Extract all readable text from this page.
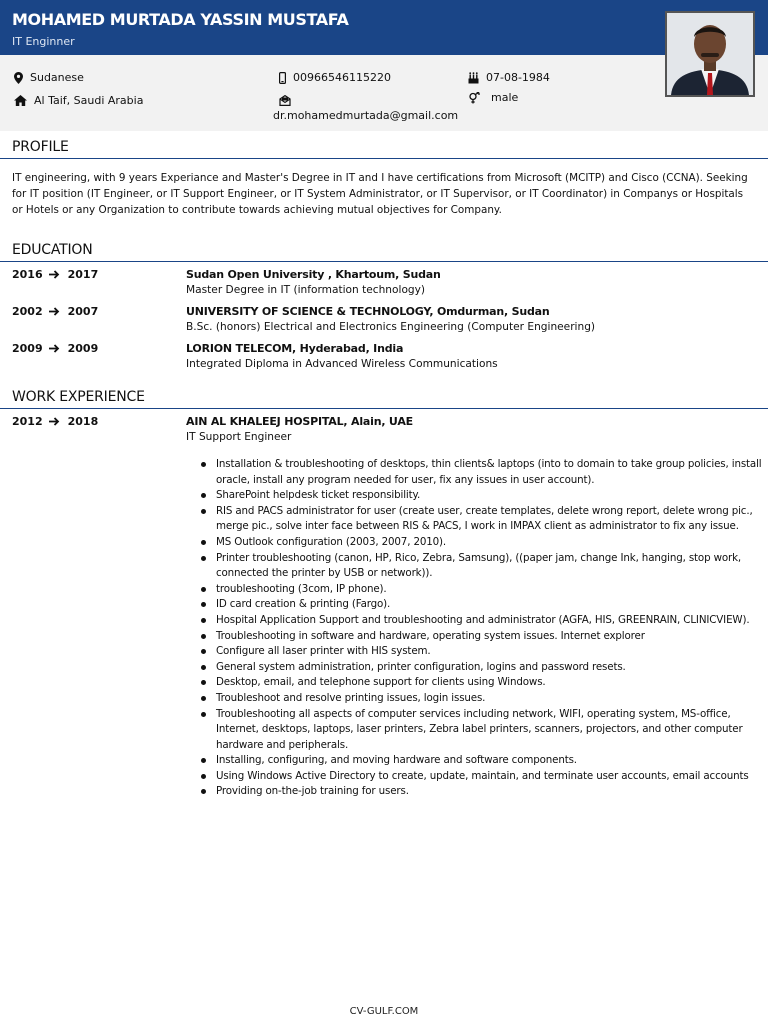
MOHAMED MURTADA YASSIN MUSTAFA
IT Enginner
Sudanese
Al Taif, Saudi Arabia
00966546115220
dr.mohamedmurtada@gmail.com
07-08-1984
male
PROFILE
IT engineering, with 9 years Experiance and Master's Degree in IT and I have certifications from Microsoft (MCITP) and Cisco (CCNA). Seeking for IT position (IT Engineer, or IT Support Engineer, or IT System Administrator, or IT Supervisor, or IT Coordinator) in Companys or Hospitals or Hotels or any Organization to contribute towards achieving mutual objectives for Company.
EDUCATION
2016 2017	Sudan Open University , Khartoum, Sudan
Master Degree in IT (information technology)
2002 2007	UNIVERSITY OF SCIENCE & TECHNOLOGY, Omdurman, Sudan
B.Sc. (honors) Electrical and Electronics Engineering (Computer Engineering)
2009 2009	LORION TELECOM, Hyderabad, India
Integrated Diploma in Advanced Wireless Communications
WORK EXPERIENCE
2012 2018	AIN AL KHALEEJ HOSPITAL, Alain, UAE
IT Support Engineer
Installation & troubleshooting of desktops, thin clients& laptops (into to domain to take group policies, install oracle, install any program needed for user, fix any issues in user account).
SharePoint helpdesk ticket responsibility.
RIS and PACS administrator for user (create user, create templates, delete wrong report, delete wrong pic., merge pic., solve inter face between RIS & PACS, I work in IMPAX client as administrator to fix any issue.
MS Outlook configuration (2003, 2007, 2010).
Printer troubleshooting (canon, HP, Rico, Zebra, Samsung), ((paper jam, change Ink, hanging, stop work, connected the printer by USB or network)).
troubleshooting (3com, IP phone).
ID card creation & printing (Fargo).
Hospital Application Support and troubleshooting and administrator (AGFA, HIS, GREENRAIN, CLINICVIEW).
Troubleshooting in software and hardware, operating system issues. Internet explorer
Configure all laser printer with HIS system.
General system administration, printer configuration, logins and password resets.
Desktop, email, and telephone support for clients using Windows.
Troubleshoot and resolve printing issues, login issues.
Troubleshooting all aspects of computer services including network, WIFI, operating system, MS-office, Internet, desktops, laptops, laser printers, Zebra label printers, scanners, projectors, and other computer hardware and peripherals.
Installing, configuring, and moving hardware and software components.
Using Windows Active Directory to create, update, maintain, and terminate user accounts, email accounts
Providing on-the-job training for users.
CV-GULF.COM
